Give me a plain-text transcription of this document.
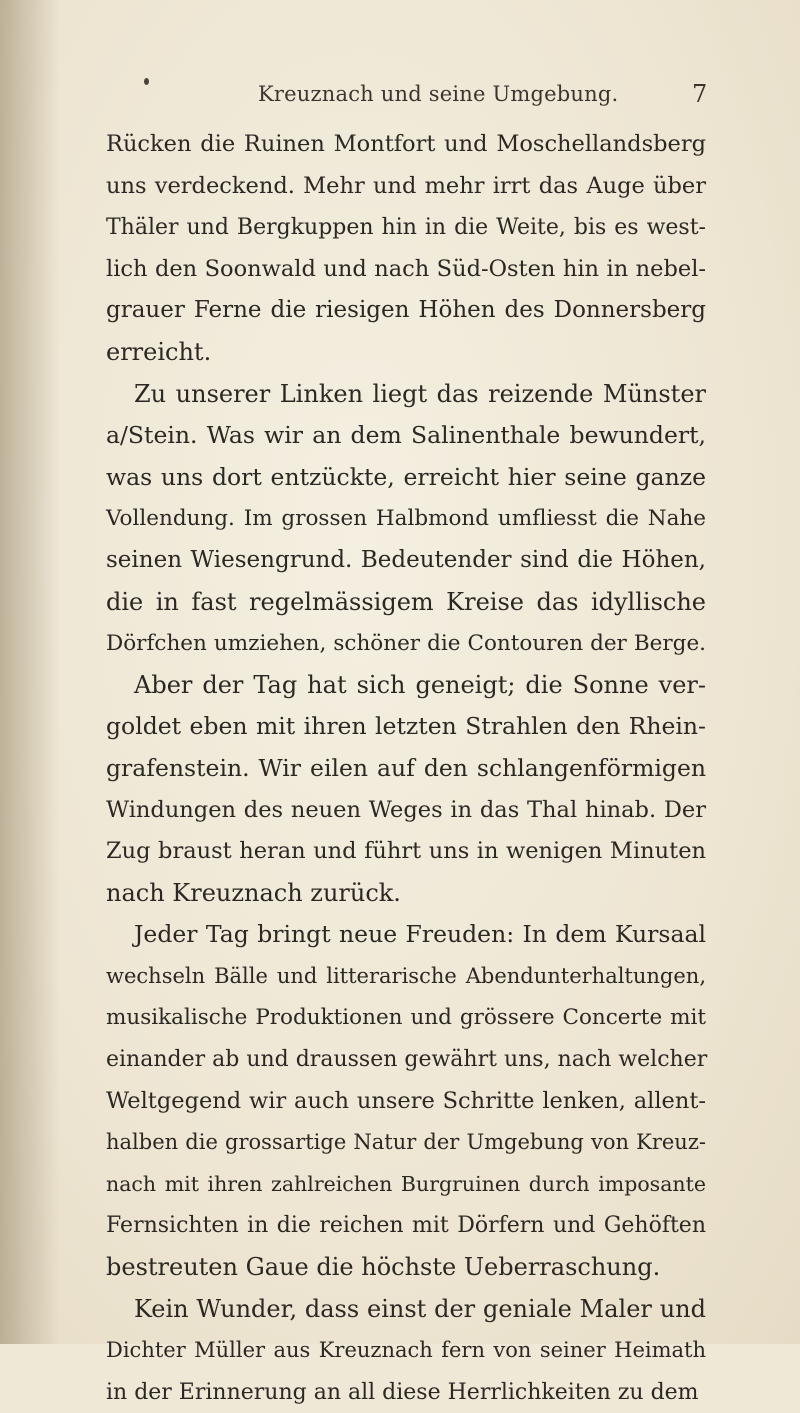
Kreuznach und seine Umgebung.	7
Rücken die Ruinen Montfort und Moschellandsberg
uns verdeckend. Mehr und mehr irrt das Auge über
Thäler und Bergkuppen hin in die Weite, bis es west-
lich den Soonwald und nach Süd-Osten hin in nebel-
grauer Ferne die riesigen Höhen des Donnersberg
erreicht.
Zu unserer Linken liegt das reizende Münster
a/Stein. Was wir an dem Salinenthale bewundert,
was uns dort entzückte, erreicht hier seine ganze
Vollendung. Im grossen Halbmond umfliesst die Nahe
seinen Wiesengrund. Bedeutender sind die Höhen,
die in fast regelmässigem Kreise das idyllische
Dörfchen umziehen, schöner die Contouren der Berge.
Aber der Tag hat sich geneigt; die Sonne ver-
goldet eben mit ihren letzten Strahlen den Rhein-
grafenstein. Wir eilen auf den schlangenförmigen
Windungen des neuen Weges in das Thal hinab. Der
Zug braust heran und führt uns in wenigen Minuten
nach Kreuznach zurück.
Jeder Tag bringt neue Freuden: In dem Kursaal
wechseln Bälle und litterarische Abendunterhaltungen,
musikalische Produktionen und grössere Concerte mit
einander ab und draussen gewährt uns, nach welcher
Weltgegend wir auch unsere Schritte lenken, allent-
halben die grossartige Natur der Umgebung von Kreuz-
nach mit ihren zahlreichen Burgruinen durch imposante
Fernsichten in die reichen mit Dörfern und Gehöften
bestreuten Gaue die höchste Ueberraschung.
Kein Wunder, dass einst der geniale Maler und
Dichter Müller aus Kreuznach fern von seiner Heimath
in der Erinnerung an all diese Herrlichkeiten zu dem
